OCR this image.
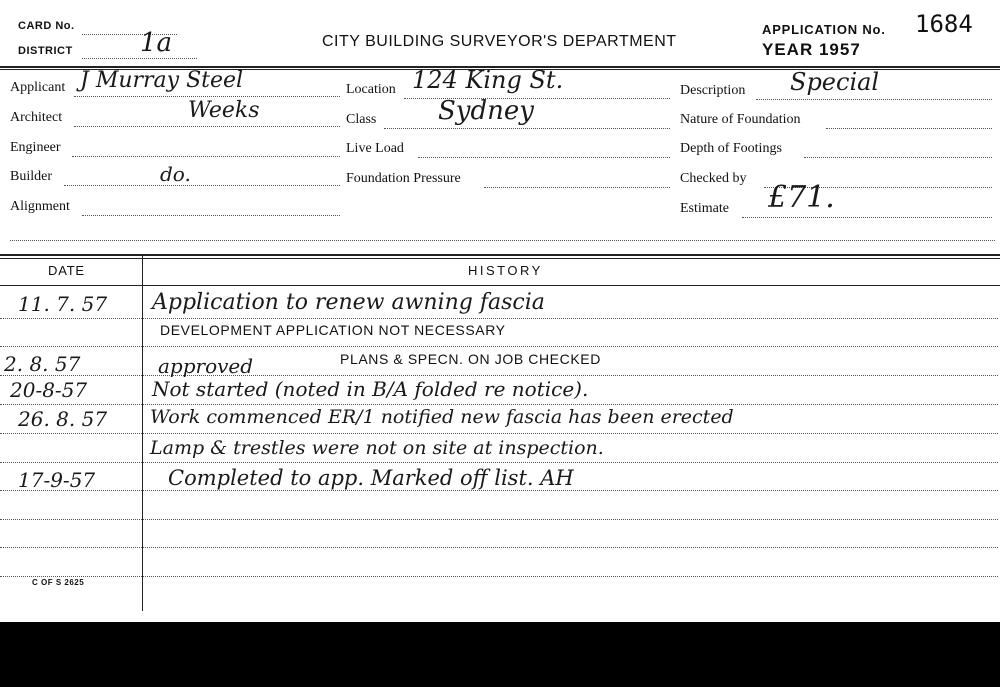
CARD No.
DISTRICT	1a	CITY BUILDING SURVEYOR'S DEPARTMENT
APPLICATION No. 1684
YEAR 1957
Applicant J Murray Steel
Architect	Weeks
Engineer
Builder	do.
Alignment
Location 124 King St.
Class Sydney
Live Load
Foundation Pressure
Description Special
Nature of Foundation
Depth of Footings
Checked by
Estimate £71.
DATE	HISTORY
11. 7. 57 Application to renew awning fascia
DEVELOPMENT APPLICATION NOT NECESSARY
2. 8. 57	approved	PLANS & SPECN. ON JOB CHECKED
20-8-57	Not started (noted in B/A folded re notice).
26. 8. 57 Work commenced ER/1 notified new fascia has been erected
Lamp & trestles were not on site at inspection.
17-9-57	Completed to app. Marked off list. AH
C OF S 2625
